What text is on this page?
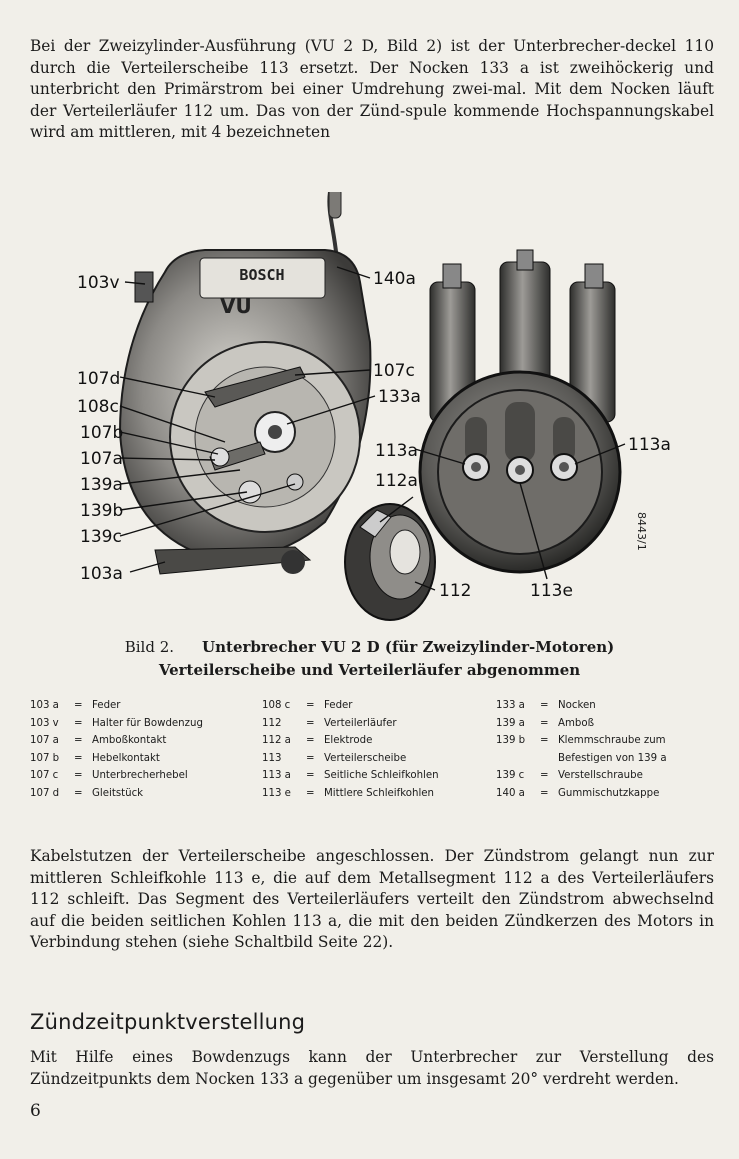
Bei der Zweizylinder-Ausführung (VU 2 D, Bild 2) ist der Unterbrecher-deckel 110 durch die Verteilerscheibe 113 ersetzt. Der Nocken 133 a ist zweihöckerig und unterbricht den Primärstrom bei einer Umdrehung zwei-mal. Mit dem Nocken läuft der Verteilerläufer 112 um. Das von der Zünd-spule kommende Hochspannungskabel wird am mittleren, mit 4 bezeichneten

BOSCH
VU
8443/1
103v	140a
107d	107c
108c	133a
107b
107a
139a
139b
139c
103a
113a	113a
112a
112	113e
Bild 2. Unterbrecher VU 2 D (für Zweizylinder-Motoren)
Verteilerscheibe und Verteilerläufer abgenommen
103 a = Feder
103 v = Halter für Bowdenzug
107 a = Amboßkontakt
107 b = Hebelkontakt
107 c = Unterbrecherhebel
107 d = Gleitstück
108 c = Feder
112 = Verteilerläufer
112 a = Elektrode
113 = Verteilerscheibe
113 a = Seitliche Schleifkohlen
113 e = Mittlere Schleifkohlen
133 a = Nocken
139 a = Amboß
139 b = Klemmschraube zum
Befestigen von 139 a
139 c = Verstellschraube
140 a = Gummischutzkappe

Kabelstutzen der Verteilerscheibe angeschlossen. Der Zündstrom gelangt nun zur mittleren Schleifkohle 113 e, die auf dem Metallsegment 112 a des Verteilerläufers 112 schleift. Das Segment des Verteilerläufers verteilt den Zündstrom abwechselnd auf die beiden seitlichen Kohlen 113 a, die mit den beiden Zündkerzen des Motors in Verbindung stehen (siehe Schaltbild Seite 22).

Zündzeitpunktverstellung

Mit Hilfe eines Bowdenzugs kann der Unterbrecher zur Verstellung des Zündzeitpunkts dem Nocken 133 a gegenüber um insgesamt 20° verdreht werden.

6
